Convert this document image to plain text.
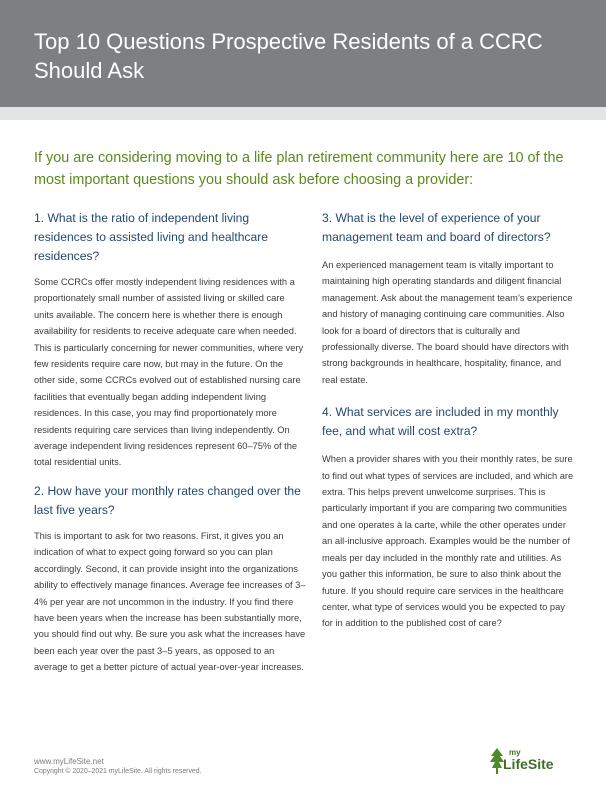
Top 10 Questions Prospective Residents of a CCRC Should Ask

If you are considering moving to a life plan retirement community here are 10 of the most important questions you should ask before choosing a provider:

1. What is the ratio of independent living residences to assisted living and healthcare residences?

Some CCRCs offer mostly independent living residences with a proportionately small number of assisted living or skilled care units available. The concern here is whether there is enough availability for residents to receive adequate care when needed. This is particularly concerning for newer communities, where very few residents require care now, but may in the future. On the other side, some CCRCs evolved out of established nursing care facilities that eventually began adding independent living residences. In this case, you may find proportionately more residents requiring care services than living independently. On average independent living residences represent 60–75% of the total residential units.

2. How have your monthly rates changed over the last five years?

This is important to ask for two reasons. First, it gives you an indication of what to expect going forward so you can plan accordingly. Second, it can provide insight into the organizations ability to effectively manage finances. Average fee increases of 3–4% per year are not uncommon in the industry. If you find there have been years when the increase has been substantially more, you should find out why. Be sure you ask what the increases have been each year over the past 3–5 years, as opposed to an average to get a better picture of actual year-over-year increases.

3. What is the level of experience of your management team and board of directors?

An experienced management team is vitally important to maintaining high operating standards and diligent financial management. Ask about the management team’s experience and history of managing continuing care communities. Also look for a board of directors that is culturally and professionally diverse. The board should have directors with strong backgrounds in healthcare, hospitality, finance, and real estate.

4. What services are included in my monthly fee, and what will cost extra?

When a provider shares with you their monthly rates, be sure to find out what types of services are included, and which are extra. This helps prevent unwelcome surprises. This is particularly important if you are comparing two communities and one operates à la carte, while the other operates under an all-inclusive approach. Examples would be the number of meals per day included in the monthly rate and utilities. As you gather this information, be sure to also think about the future. If you should require care services in the healthcare center, what type of services would you be expected to pay for in addition to the published cost of care?

www.myLifeSite.net

Copyright © 2020–2021 myLifeSite. All rights reserved.

my
LifeSite
